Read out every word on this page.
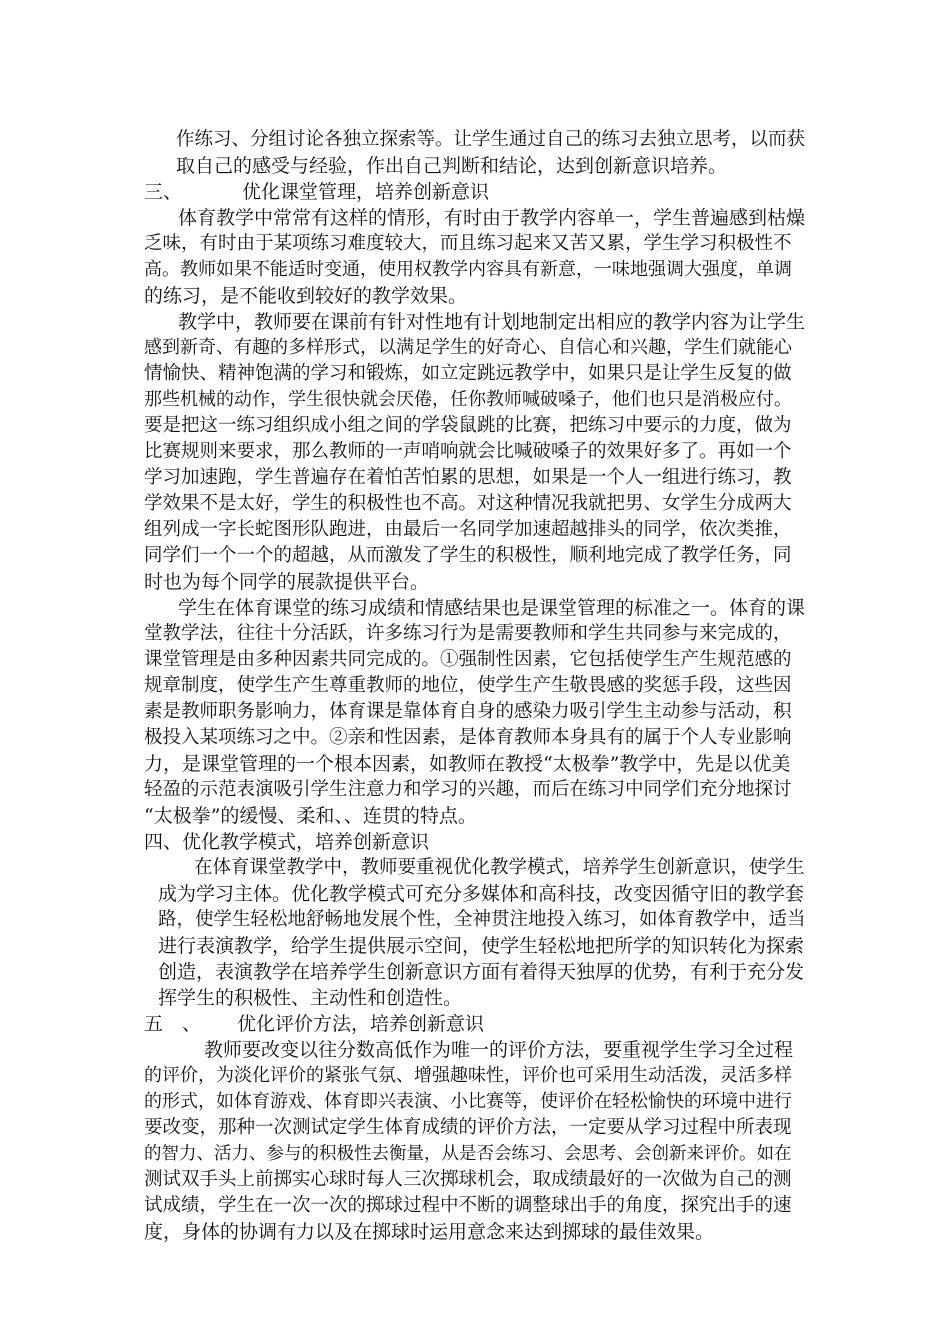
作练习、分组讨论各独立探索等。让学生通过自己的练习去独立思考，以而获
取自己的感受与经验，作出自己判断和结论，达到创新意识培养。
三、	优化课堂管理，培养创新意识
体育教学中常常有这样的情形，有时由于教学内容单一，学生普遍感到枯燥
乏味，有时由于某项练习难度较大，而且练习起来又苦又累，学生学习积极性不
高。教师如果不能适时变通，使用权教学内容具有新意，一味地强调大强度，单调
的练习，是不能收到较好的教学效果。
教学中，教师要在课前有针对性地有计划地制定出相应的教学内容为让学生
感到新奇、有趣的多样形式，以满足学生的好奇心、自信心和兴趣，学生们就能心
情愉快、精神饱满的学习和锻炼，如立定跳远教学中，如果只是让学生反复的做
那些机械的动作，学生很快就会厌倦，任你教师喊破嗓子，他们也只是消极应付。
要是把这一练习组织成小组之间的学袋鼠跳的比赛，把练习中要示的力度，做为
比赛规则来要求，那么教师的一声哨响就会比喊破嗓子的效果好多了。再如一个
学习加速跑，学生普遍存在着怕苦怕累的思想，如果是一个人一组进行练习，教
学效果不是太好，学生的积极性也不高。对这种情况我就把男、女学生分成两大
组列成一字长蛇图形队跑进，由最后一名同学加速超越排头的同学，依次类推，
同学们一个一个的超越，从而激发了学生的积极性，顺利地完成了教学任务，同
时也为每个同学的展款提供平台。
学生在体育课堂的练习成绩和情感结果也是课堂管理的标准之一。体育的课
堂教学法，往往十分活跃，许多练习行为是需要教师和学生共同参与来完成的，
课堂管理是由多种因素共同完成的。①强制性因素，它包括使学生产生规范感的
规章制度，使学生产生尊重教师的地位，使学生产生敬畏感的奖惩手段，这些因
素是教师职务影响力，体育课是靠体育自身的感染力吸引学生主动参与活动，积
极投入某项练习之中。②亲和性因素，是体育教师本身具有的属于个人专业影响
力，是课堂管理的一个根本因素，如教师在教授“太极拳”教学中，先是以优美
轻盈的示范表演吸引学生注意力和学习的兴趣，而后在练习中同学们充分地探讨
“太极拳”的缓慢、柔和、、连贯的特点。
四、优化教学模式，培养创新意识
在体育课堂教学中，教师要重视优化教学模式，培养学生创新意识，使学生
成为学习主体。优化教学模式可充分多媒体和高科技，改变因循守旧的教学套
路，使学生轻松地舒畅地发展个性，全神贯注地投入练习，如体育教学中，适当
进行表演教学，给学生提供展示空间，使学生轻松地把所学的知识转化为探索
创造，表演教学在培养学生创新意识方面有着得天独厚的优势，有利于充分发
挥学生的积极性、主动性和创造性。
五　、 优化评价方法，培养创新意识
教师要改变以往分数高低作为唯一的评价方法，要重视学生学习全过程
的评价，为淡化评价的紧张气氛、增强趣味性，评价也可采用生动活泼，灵活多样
的形式，如体育游戏、体育即兴表演、小比赛等，使评价在轻松愉快的环境中进行
要改变，那种一次测试定学生体育成绩的评价方法，一定要从学习过程中所表现
的智力、活力、参与的积极性去衡量，从是否会练习、会思考、会创新来评价。如在
测试双手头上前掷实心球时每人三次掷球机会，取成绩最好的一次做为自己的测
试成绩，学生在一次一次的掷球过程中不断的调整球出手的角度，探究出手的速
度，身体的协调有力以及在掷球时运用意念来达到掷球的最佳效果。
